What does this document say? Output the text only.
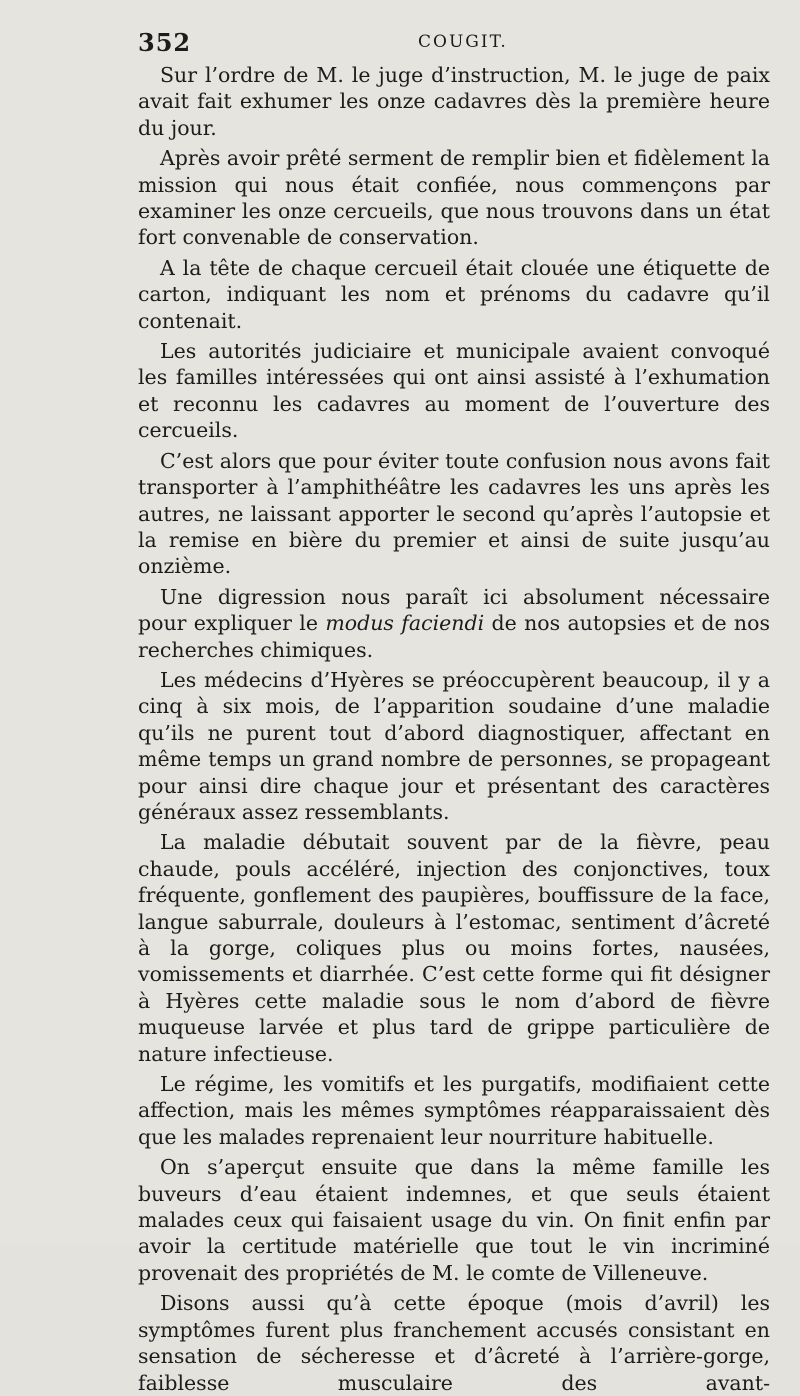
352	COUGIT.

Sur l’ordre de M. le juge d’instruction, M. le juge de paix avait fait exhumer les onze cadavres dès la première heure du jour.

Après avoir prêté serment de remplir bien et fidèlement la mission qui nous était confiée, nous commençons par examiner les onze cercueils, que nous trouvons dans un état fort convenable de conservation.

A la tête de chaque cercueil était clouée une étiquette de carton, indiquant les nom et prénoms du cadavre qu’il contenait.

Les autorités judiciaire et municipale avaient convoqué les familles intéressées qui ont ainsi assisté à l’exhumation et reconnu les cadavres au moment de l’ouverture des cercueils.

C’est alors que pour éviter toute confusion nous avons fait transporter à l’amphithéâtre les cadavres les uns après les autres, ne laissant apporter le second qu’après l’autopsie et la remise en bière du premier et ainsi de suite jusqu’au onzième.

Une digression nous paraît ici absolument nécessaire pour expliquer le modus faciendi de nos autopsies et de nos recherches chimiques.

Les médecins d’Hyères se préoccupèrent beaucoup, il y a cinq à six mois, de l’apparition soudaine d’une maladie qu’ils ne purent tout d’abord diagnostiquer, affectant en même temps un grand nombre de personnes, se propageant pour ainsi dire chaque jour et présentant des caractères généraux assez ressemblants.

La maladie débutait souvent par de la fièvre, peau chaude, pouls accéléré, injection des conjonctives, toux fréquente, gonflement des paupières, bouffissure de la face, langue saburrale, douleurs à l’estomac, sentiment d’âcreté à la gorge, coliques plus ou moins fortes, nausées, vomissements et diarrhée. C’est cette forme qui fit désigner à Hyères cette maladie sous le nom d’abord de fièvre muqueuse larvée et plus tard de grippe particulière de nature infectieuse.

Le régime, les vomitifs et les purgatifs, modifiaient cette affection, mais les mêmes symptômes réapparaissaient dès que les malades reprenaient leur nourriture habituelle.

On s’aperçut ensuite que dans la même famille les buveurs d’eau étaient indemnes, et que seuls étaient malades ceux qui faisaient usage du vin. On finit enfin par avoir la certitude matérielle que tout le vin incriminé provenait des propriétés de M. le comte de Villeneuve.

Disons aussi qu’à cette époque (mois d’avril) les symptômes furent plus franchement accusés consistant en sensation de sécheresse et d’âcreté à l’arrière-gorge, faiblesse musculaire des avant-
